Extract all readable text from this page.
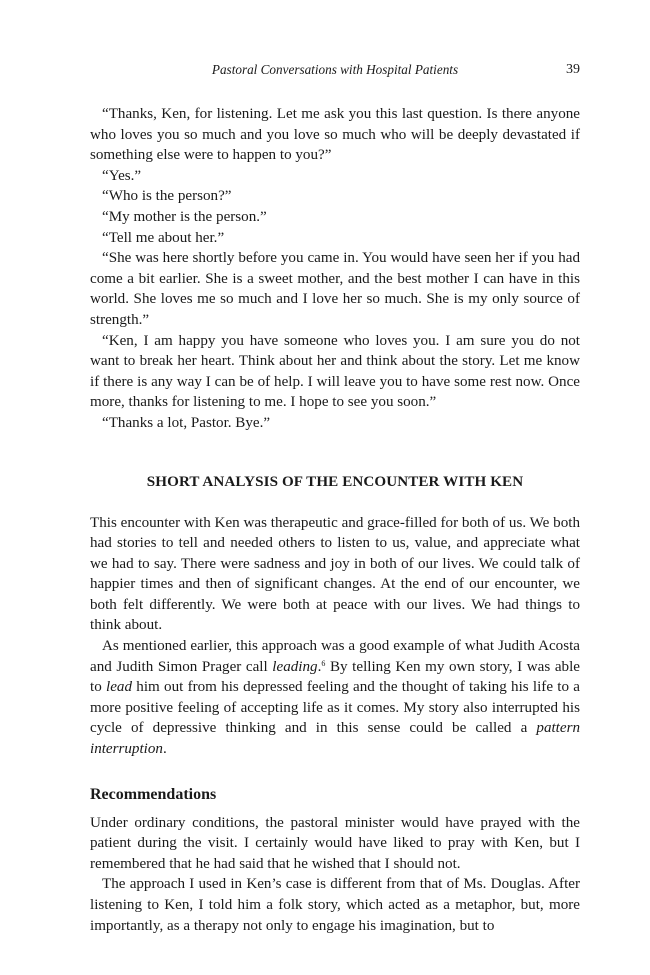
Pastoral Conversations with Hospital Patients	39

“Thanks, Ken, for listening. Let me ask you this last question. Is there anyone who loves you so much and you love so much who will be deeply devastated if something else were to happen to you?”

“Yes.”

“Who is the person?”

“My mother is the person.”

“Tell me about her.”

“She was here shortly before you came in. You would have seen her if you had come a bit earlier. She is a sweet mother, and the best mother I can have in this world. She loves me so much and I love her so much. She is my only source of strength.”

“Ken, I am happy you have someone who loves you. I am sure you do not want to break her heart. Think about her and think about the story. Let me know if there is any way I can be of help. I will leave you to have some rest now. Once more, thanks for listening to me. I hope to see you soon.”

“Thanks a lot, Pastor. Bye.”

SHORT ANALYSIS OF THE ENCOUNTER WITH KEN

This encounter with Ken was therapeutic and grace-filled for both of us. We both had stories to tell and needed others to listen to us, value, and appreciate what we had to say. There were sadness and joy in both of our lives. We could talk of happier times and then of significant changes. At the end of our encounter, we both felt differently. We were both at peace with our lives. We had things to think about.

As mentioned earlier, this approach was a good example of what Judith Acosta and Judith Simon Prager call leading.$^6$ By telling Ken my own story, I was able to lead him out from his depressed feeling and the thought of taking his life to a more positive feeling of accepting life as it comes. My story also interrupted his cycle of depressive thinking and in this sense could be called a pattern interruption.

Recommendations

Under ordinary conditions, the pastoral minister would have prayed with the patient during the visit. I certainly would have liked to pray with Ken, but I remembered that he had said that he wished that I should not.

The approach I used in Ken’s case is different from that of Ms. Douglas. After listening to Ken, I told him a folk story, which acted as a metaphor, but, more importantly, as a therapy not only to engage his imagination, but to
